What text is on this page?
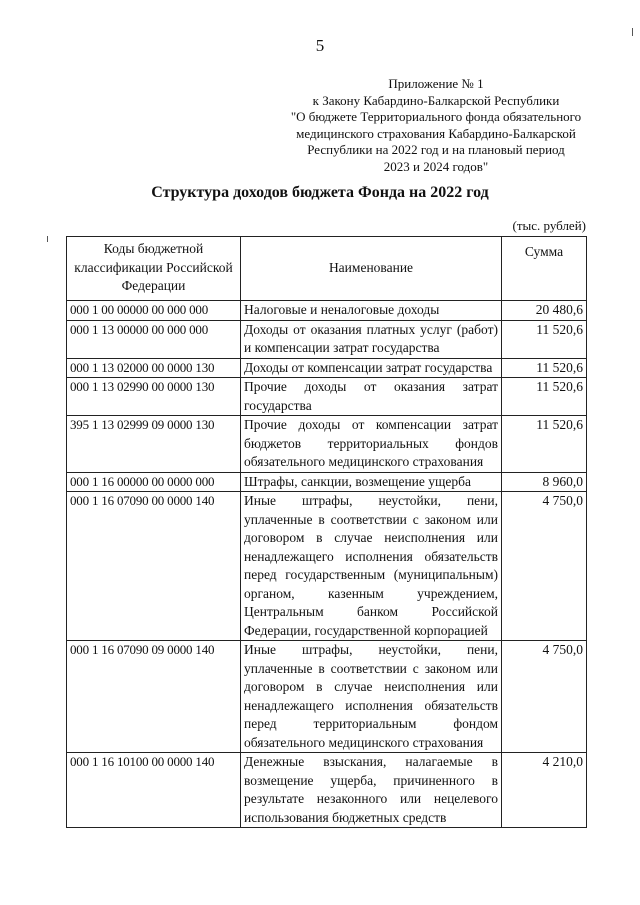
5
Приложение № 1
к Закону Кабардино-Балкарской Республики
"О бюджете Территориального фонда обязательного
медицинского страхования Кабардино-Балкарской
Республики на 2022 год и на плановый период
2023 и 2024 годов"
Структура доходов бюджета Фонда на 2022 год
(тыс. рублей)
Коды бюджетной классификации Российской Федерации	Наименование	Сумма
000 1 00 00000 00 000 000	Налоговые и неналоговые доходы	20 480,6
000 1 13 00000 00 000 000	Доходы от оказания платных услуг (работ) и компенсации затрат государства	11 520,6
000 1 13 02000 00 0000 130	Доходы от компенсации затрат государства	11 520,6
000 1 13 02990 00 0000 130	Прочие доходы от оказания затрат государства	11 520,6
395 1 13 02999 09 0000 130	Прочие доходы от компенсации затрат бюджетов территориальных фондов обязательного медицинского страхования	11 520,6
000 1 16 00000 00 0000 000	Штрафы, санкции, возмещение ущерба	8 960,0
000 1 16 07090 00 0000 140	Иные штрафы, неустойки, пени, уплаченные в соответствии с законом или договором в случае неисполнения или ненадлежащего исполнения обязательств перед государственным (муниципальным) органом, казенным учреждением, Центральным банком Российской Федерации, государственной корпорацией	4 750,0
000 1 16 07090 09 0000 140	Иные штрафы, неустойки, пени, уплаченные в соответствии с законом или договором в случае неисполнения или ненадлежащего исполнения обязательств перед территориальным фондом обязательного медицинского страхования	4 750,0
000 1 16 10100 00 0000 140	Денежные взыскания, налагаемые в возмещение ущерба, причиненного в результате незаконного или нецелевого использования бюджетных средств	4 210,0
